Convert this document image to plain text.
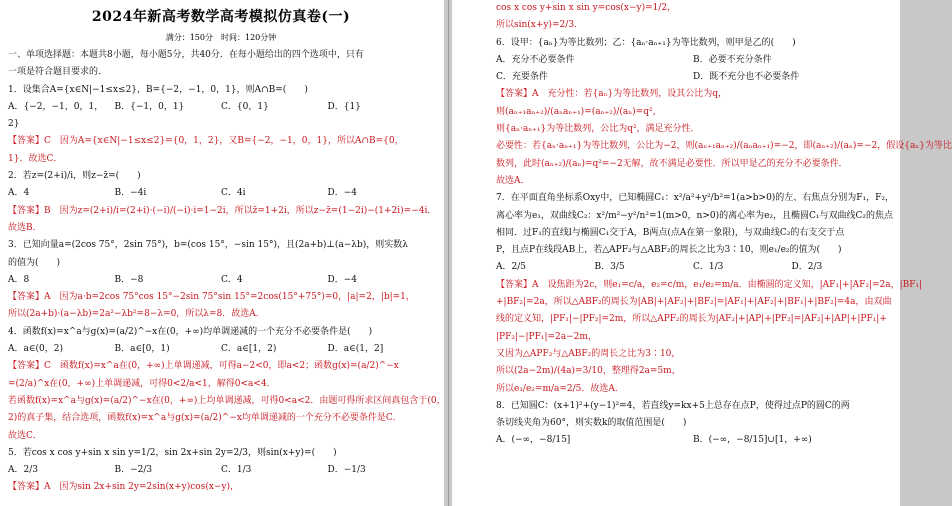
2024年新高考数学高考模拟仿真卷(一)
满分：150分　时间：120分钟
一、单项选择题：本题共8小题，每小题5分，共40分．在每小题给出的四个选项中，只有
一项是符合题目要求的．
1．设集合A={x∈N|−1≤x≤2}，B={−2，−1，0，1}，则A∩B=(　　)
A．{−2，−1，0，1，2}
B．{−1，0，1}	C．{0，1}	D．{1}
【答案】C　因为A={x∈N|−1≤x≤2}={0，1，2}，又B={−2，−1，0，1}，所以A∩B={0，
1}．故选C．
2．若z=(2+i)/i，则z−z̄=(　　)
A．4	B．−4i	C．4i	D．−4
【答案】B　因为z=(2+i)/i=(2+i)·(−i)/(−i)·i=1−2i，所以z̄=1+2i，所以z−z̄=(1−2i)−(1+2i)=−4i．
故选B．
3．已知向量a=(2cos 75°，2sin 75°)，b=(cos 15°，−sin 15°)，且(2a+b)⊥(a−λb)，则实数λ
的值为(　　)
A．8	B．−8	C．4	D．−4
【答案】A　因为a·b=2cos 75°cos 15°−2sin 75°sin 15°=2cos(15°+75°)=0，|a|=2，|b|=1，
所以(2a+b)·(a−λb)=2a²−λb²=8−λ=0，所以λ=8．故选A．
4．函数f(x)=x^a与g(x)=(a/2)^−x在(0，+∞)均单调递减的一个充分不必要条件是(　　)
A．a∈(0，2)	B．a∈[0，1)	C．a∈[1，2)	D．a∈(1，2]
【答案】C　函数f(x)=x^a在(0，+∞)上单调递减，可得a−2<0，即a<2；函数g(x)=(a/2)^−x
=(2/a)^x在(0，+∞)上单调递减，可得0<2/a<1，解得0<a<4．
若函数f(x)=x^a与g(x)=(a/2)^−x在(0，+∞)上均单调递减，可得0<a<2．由题可得所求区间真包含于(0，
2)的真子集，结合选项，函数f(x)=x^a与g(x)=(a/2)^−x均单调递减的一个充分不必要条件是C．
故选C．
5．若cos x cos y+sin x sin y=1/2，sin 2x+sin 2y=2/3，则sin(x+y)=(　　)
A．2/3	B．−2/3	C．1/3	D．−1/3
【答案】A　因为sin 2x+sin 2y=2sin(x+y)cos(x−y)，
cos x cos y+sin x sin y=cos(x−y)=1/2，
所以sin(x+y)=2/3．
6．设甲：{aₙ}为等比数列；乙：{aₙ·aₙ₊₁}为等比数列，则甲是乙的(　　)
A．充分不必要条件	B．必要不充分条件
C．充要条件	D．既不充分也不必要条件
【答案】A　充分性：若{aₙ}为等比数列，设其公比为q，
则(aₙ₊₁aₙ₊₂)/(aₙaₙ₊₁)=(aₙ₊₂)/(aₙ)=q²，
则{aₙ·aₙ₊₁}为等比数列，公比为q²，满足充分性．
必要性：若{aₙ·aₙ₊₁}为等比数列，公比为−2，则(aₙ₊₁aₙ₊₂)/(aₙaₙ₊₁)=−2，即(aₙ₊₂)/(aₙ)=−2，假设{aₙ}为等比
数列，此时(aₙ₊₂)/(aₙ)=q²=−2无解，故不满足必要性．所以甲是乙的充分不必要条件．
故选A．
7．在平面直角坐标系Oxy中，已知椭圆C₁：x²/a²+y²/b²=1(a>b>0)的左、右焦点分别为F₁，F₂，
离心率为e₁，双曲线C₂：x²/m²−y²/n²=1(m>0，n>0)的离心率为e₂，且椭圆C₁与双曲线C₂的焦点
相同．过F₁的直线l与椭圆C₁交于A，B两点(点A在第一象限)，与双曲线C₂的右支交于点
P，且点P在线段AB上，若△APF₂与△ABF₂的周长之比为3∶10，则e₁/e₂的值为(　　)
A．2/5	B．3/5	C．1/3	D．2/3
【答案】A　设焦距为2c，则e₁=c/a，e₂=c/m，e₁/e₂=m/a．由椭圆的定义知，|AF₁|+|AF₂|=2a，|BF₁|
+|BF₂|=2a，所以△ABF₂的周长为|AB|+|AF₂|+|BF₂|=|AF₁|+|AF₂|+|BF₁|+|BF₂|=4a，由双曲
线的定义知，|PF₁|−|PF₂|=2m，所以△APF₂的周长为|AF₂|+|AP|+|PF₂|=|AF₂|+|AP|+|PF₁|+
|PF₂|−|PF₁|=2a−2m，
又因为△APF₂与△ABF₂的周长之比为3∶10，
所以(2a−2m)/(4a)=3/10，整理得2a=5m，
所以e₁/e₂=m/a=2/5．故选A．
8．已知圆C：(x+1)²+(y−1)²=4，若直线y=kx+5上总存在点P，使得过点P的圆C的两
条切线夹角为60°，则实数k的取值范围是(　　)
A．(−∞，−8/15]	B．(−∞，−8/15]∪[1，+∞)
